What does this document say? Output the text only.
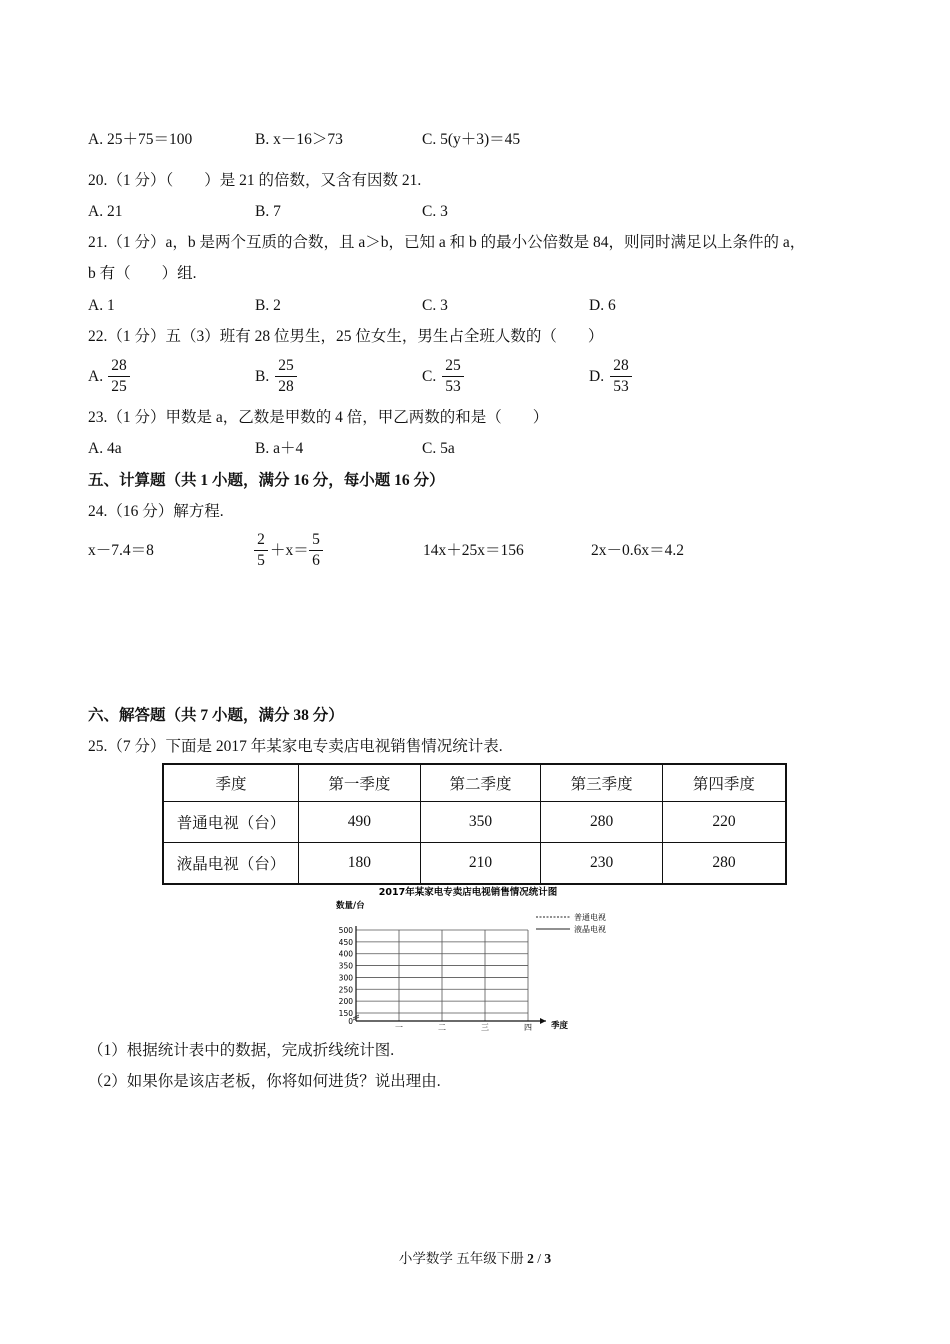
A. 25＋75＝100	B. x－16＞73	C. 5(y＋3)＝45
20.（1 分）（　　）是 21 的倍数，又含有因数 21.
A. 21	B. 7	C. 3
21.（1 分）a，b 是两个互质的合数，且 a＞b，已知 a 和 b 的最小公倍数是 84，则同时满足以上条件的 a，
b 有（　　）组.
A. 1	B. 2	C. 3	D. 6
22.（1 分）五（3）班有 28 位男生，25 位女生，男生占全班人数的（　　）
A. $\frac{28}{25}$	B. $\frac{25}{28}$	C. $\frac{25}{53}$	D. $\frac{28}{53}$
23.（1 分）甲数是 a，乙数是甲数的 4 倍，甲乙两数的和是（　　）
A. 4a	B. a＋4	C. 5a
五、计算题（共 1 小题，满分 16 分，每小题 16 分）
24.（16 分）解方程.
x－7.4＝8	$\frac{2}{5} +x= \frac{5}{6}$	14x＋25x＝156	2x－0.6x＝4.2
六、解答题（共 7 小题，满分 38 分）
25.（7 分）下面是 2017 年某家电专卖店电视销售情况统计表.
季度	第一季度	第二季度	第三季度	第四季度
普通电视（台）	490	350	280	220
液晶电视（台）	180	210	230	280
2017年某家电专卖店电视销售情况统计图
数量/台
0
150
200
250
300
350
400
450
500
一	二	三	四 季度
普通电视
液晶电视
（1）根据统计表中的数据，完成折线统计图.
（2）如果你是该店老板，你将如何进货？说出理由.
小学数学 五年级下册 2 / 3
